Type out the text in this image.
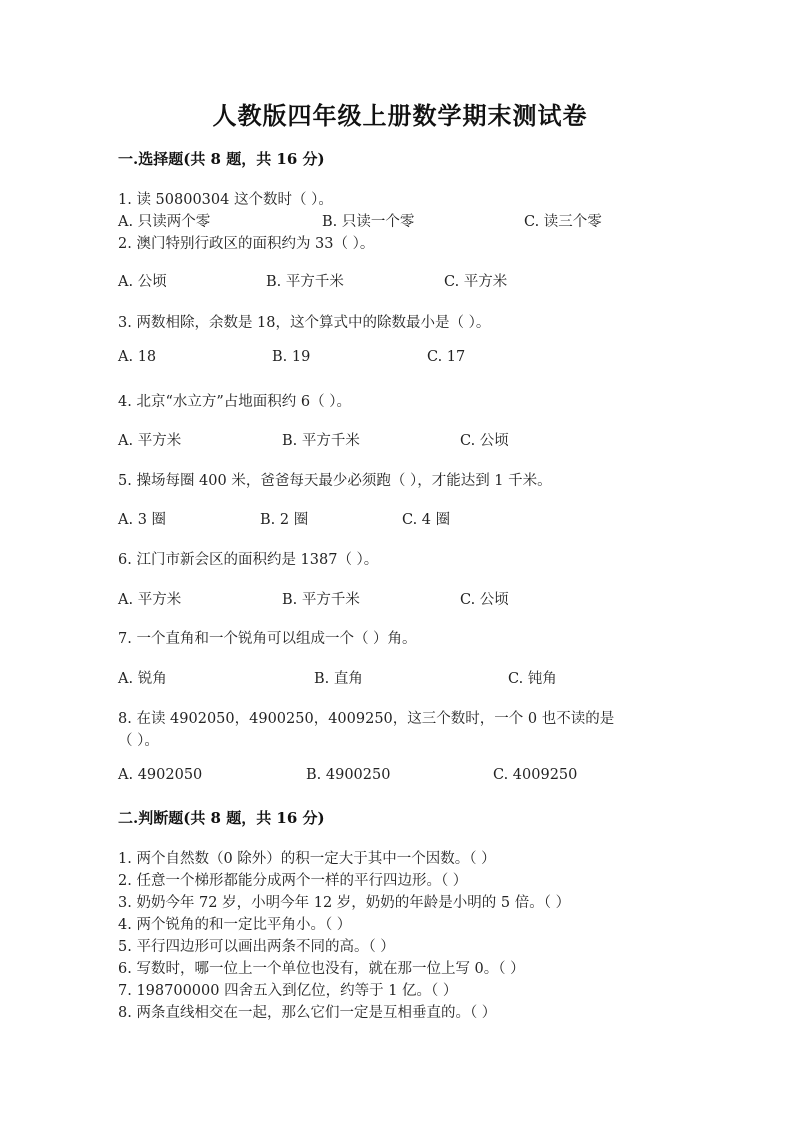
人教版四年级上册数学期末测试卷
一.选择题(共 8 题，共 16 分)
1. 读 50800304 这个数时（ ）。
A. 只读两个零	B. 只读一个零	C. 读三个零
2. 澳门特别行政区的面积约为 33（ ）。
A. 公顷	B. 平方千米	C. 平方米
3. 两数相除，余数是 18，这个算式中的除数最小是（ ）。
A. 18	B. 19	C. 17
4. 北京“水立方”占地面积约 6（ ）。
A. 平方米	B. 平方千米	C. 公顷
5. 操场每圈 400 米，爸爸每天最少必须跑（ ），才能达到 1 千米。
A. 3 圈	B. 2 圈	C. 4 圈
6. 江门市新会区的面积约是 1387（ ）。
A. 平方米	B. 平方千米	C. 公顷
7. 一个直角和一个锐角可以组成一个（ ）角。
A. 锐角	B. 直角	C. 钝角
8. 在读 4902050，4900250，4009250，这三个数时，一个 0 也不读的是
（ ）。
A. 4902050	B. 4900250	C. 4009250
二.判断题(共 8 题，共 16 分)
1. 两个自然数（0 除外）的积一定大于其中一个因数。（ ）
2. 任意一个梯形都能分成两个一样的平行四边形。（ ）
3. 奶奶今年 72 岁，小明今年 12 岁，奶奶的年龄是小明的 5 倍。（ ）
4. 两个锐角的和一定比平角小。（ ）
5. 平行四边形可以画出两条不同的高。（ ）
6. 写数时，哪一位上一个单位也没有，就在那一位上写 0。（ ）
7. 198700000 四舍五入到亿位，约等于 1 亿。（ ）
8. 两条直线相交在一起，那么它们一定是互相垂直的。（ ）
